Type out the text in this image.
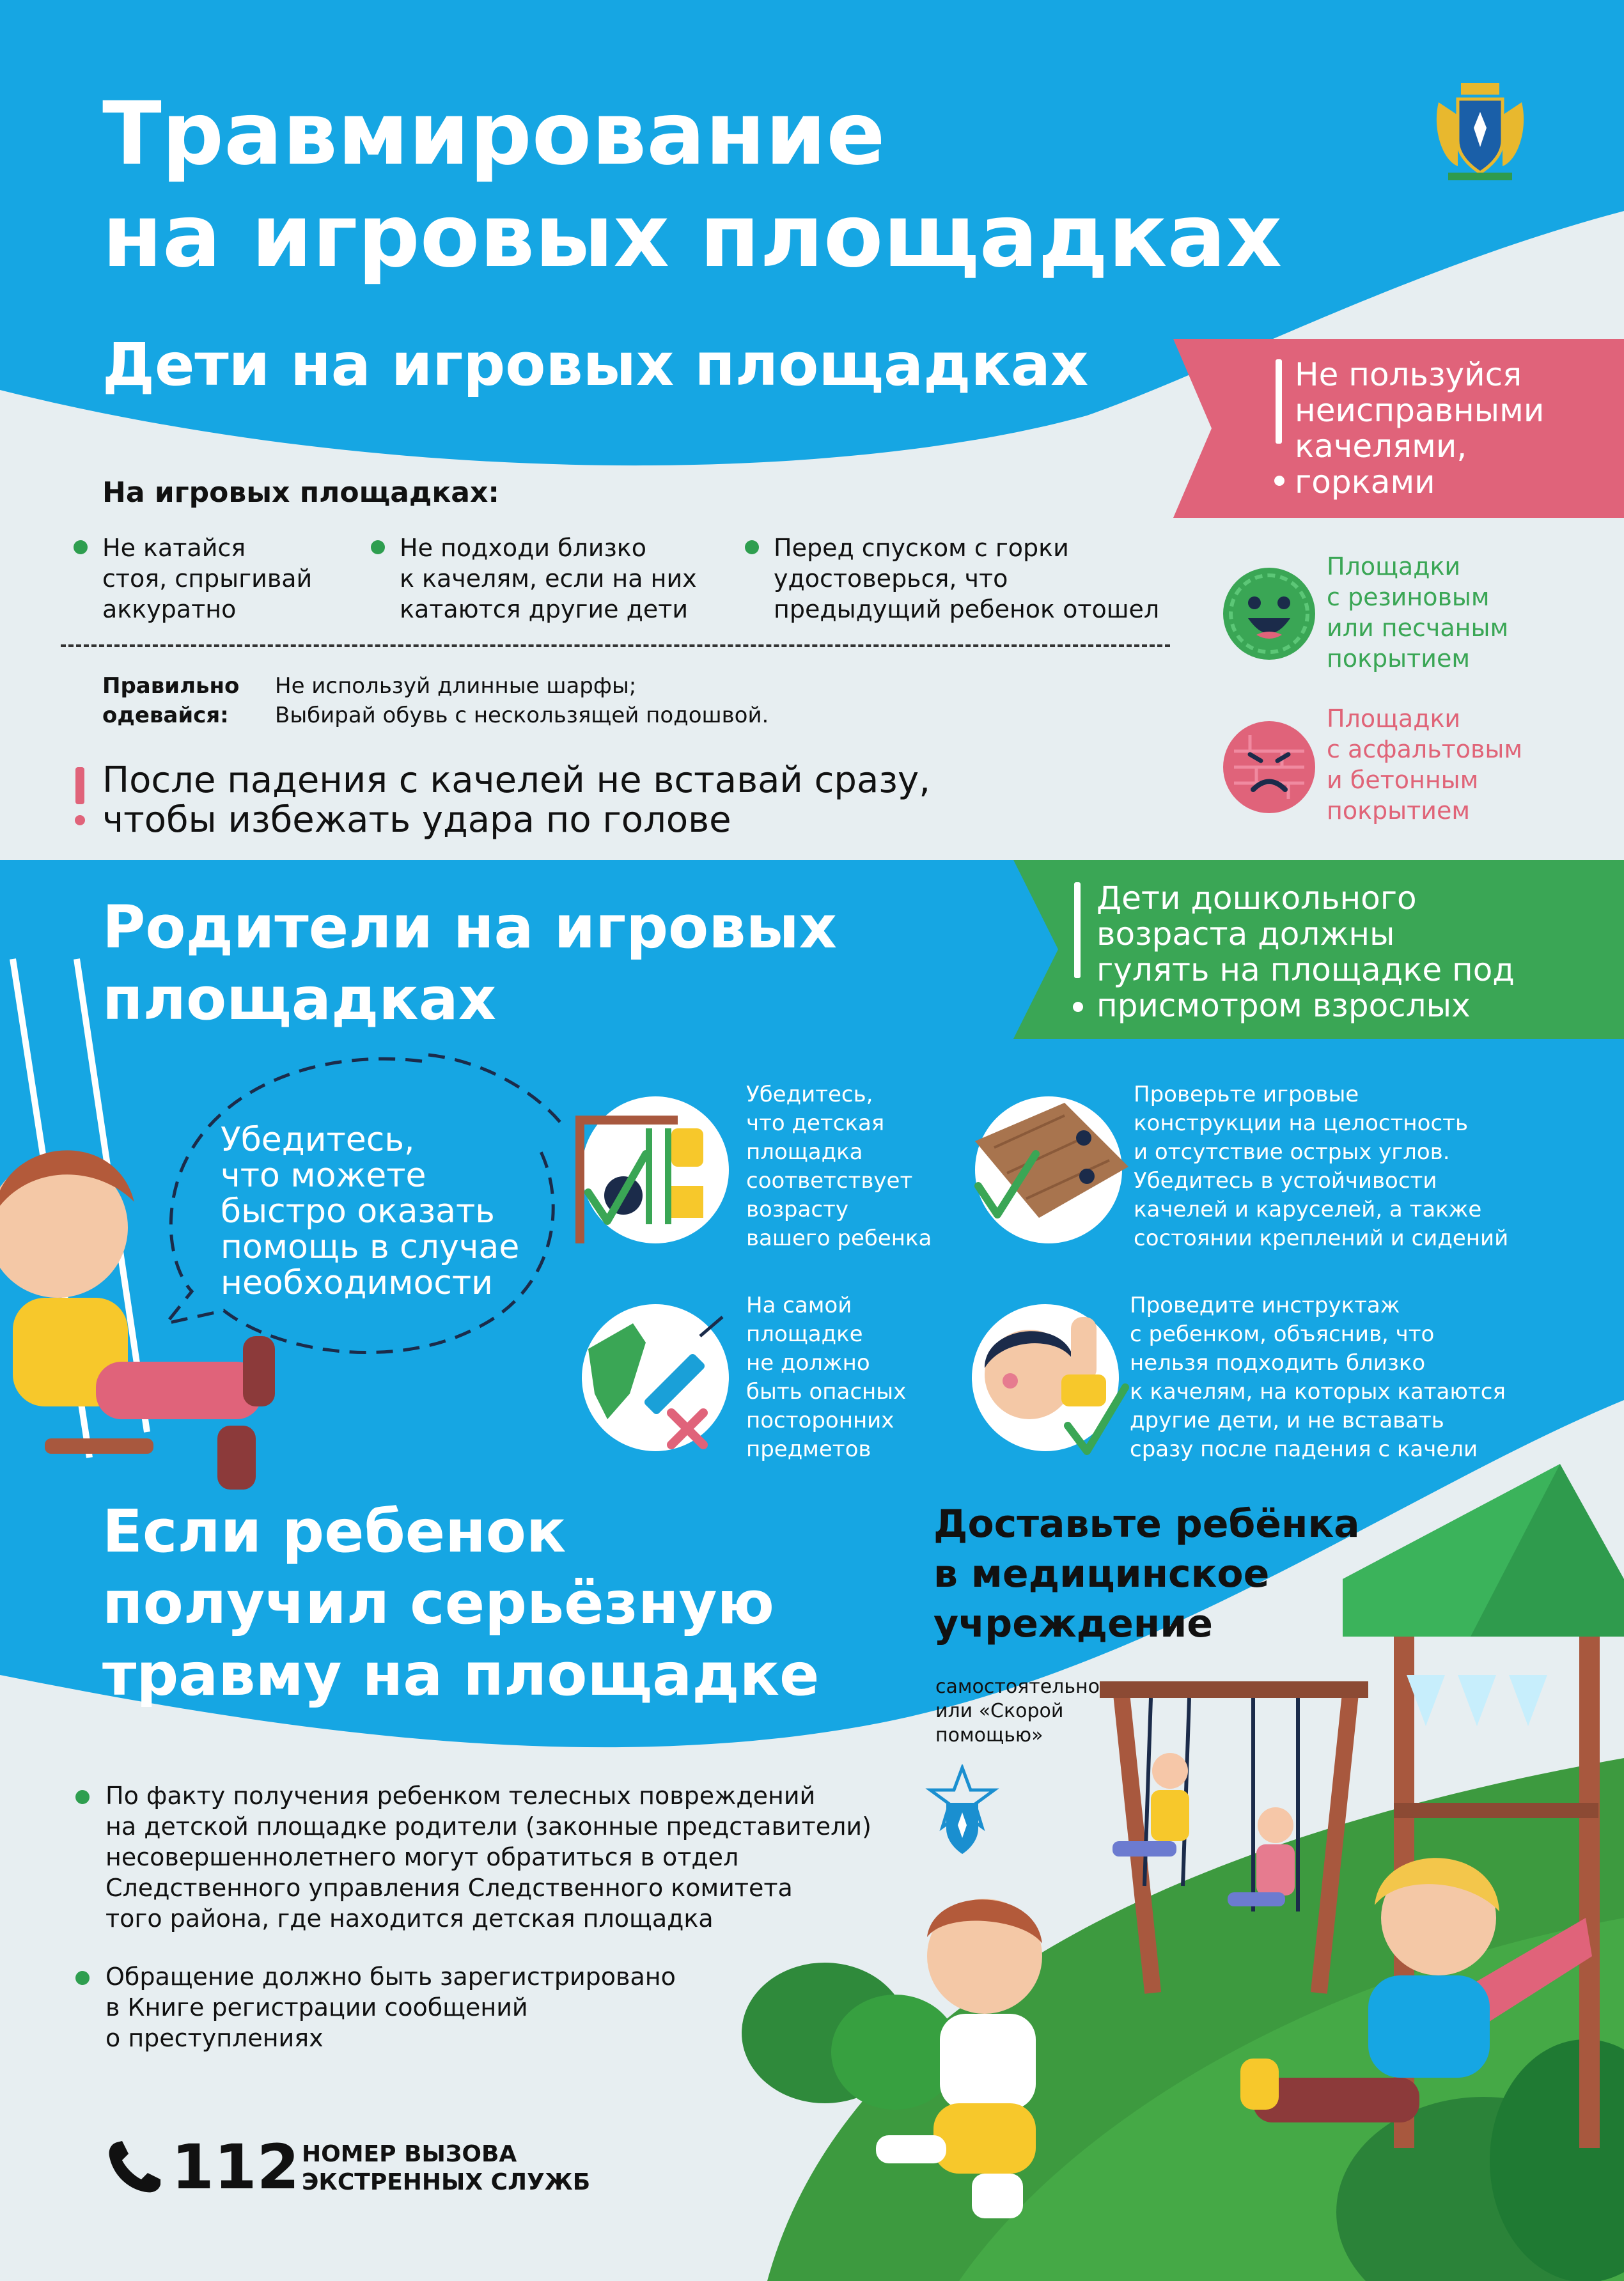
Травмирование
на игровых площадках
Дети на игровых площадках	Не пользуйся
неисправными
качелями,
горками
На игровых площадках:
Не катайся
стоя, спрыгивай
аккуратно
Не подходи близко
к качелям, если на них
катаются другие дети
Перед спуском с горки
удостоверься, что
предыдущий ребенок отошел
Правильно
одевайся:
Не используй длинные шарфы;
Выбирай обувь с нескользящей подошвой.
После падения с качелей не вставай сразу,
чтобы избежать удара по голове
Площадки
с резиновым
или песчаным
покрытием
Площадки
с асфальтовым
и бетонным
покрытием
Родители на игровых
площадках
Дети дошкольного
возраста должны
гулять на площадке под
присмотром взрослых
Убедитесь,
что можете
быстро оказать
помощь в случае
необходимости
Убедитесь,
что детская
площадка
соответствует
возрасту
вашего ребенка
Проверьте игровые
конструкции на целостность
и отсутствие острых углов.
Убедитесь в устойчивости
качелей и каруселей, а также
состоянии креплений и сидений
На самой
площадке
не должно
быть опасных
посторонних
предметов
Проведите инструктаж
с ребенком, объяснив, что
нельзя подходить близко
к качелям, на которых катаются
другие дети, и не вставать
сразу после падения с качели
Если ребенок
получил серьёзную
травму на площадке
Доставьте ребёнка
в медицинское
учреждение
самостоятельно
или «Скорой
помощью»
По факту получения ребенком телесных повреждений
на детской площадке родители (законные представители)
несовершеннолетнего могут обратиться в отдел
Следственного управления Следственного комитета
того района, где находится детская площадка
Обращение должно быть зарегистрировано
в Книге регистрации сообщений
о преступлениях
112 НОМЕР ВЫЗОВА
ЭКСТРЕННЫХ СЛУЖБ
